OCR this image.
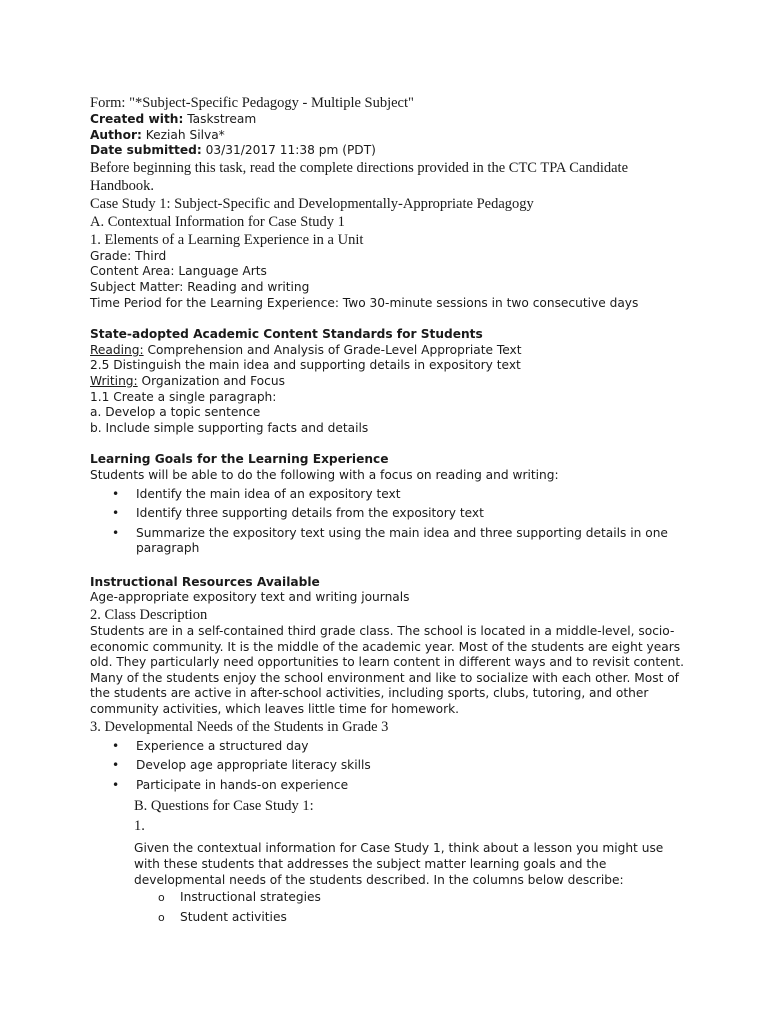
Form: "*Subject-Specific Pedagogy - Multiple Subject"
Created with: Taskstream
Author: Keziah Silva*
Date submitted: 03/31/2017 11:38 pm (PDT)
Before beginning this task, read the complete directions provided in the CTC TPA Candidate Handbook.
Case Study 1: Subject-Specific and Developmentally-Appropriate Pedagogy
A. Contextual Information for Case Study 1
1. Elements of a Learning Experience in a Unit
Grade: Third
Content Area: Language Arts
Subject Matter: Reading and writing
Time Period for the Learning Experience: Two 30-minute sessions in two consecutive days
State-adopted Academic Content Standards for Students
Reading: Comprehension and Analysis of Grade-Level Appropriate Text
2.5 Distinguish the main idea and supporting details in expository text
Writing: Organization and Focus
1.1 Create a single paragraph:
a. Develop a topic sentence
b. Include simple supporting facts and details
Learning Goals for the Learning Experience
Students will be able to do the following with a focus on reading and writing:
• Identify the main idea of an expository text
• Identify three supporting details from the expository text
• Summarize the expository text using the main idea and three supporting details in one paragraph
Instructional Resources Available
Age-appropriate expository text and writing journals
2. Class Description
Students are in a self-contained third grade class. The school is located in a middle-level, socio-economic community. It is the middle of the academic year. Most of the students are eight years old. They particularly need opportunities to learn content in different ways and to revisit content. Many of the students enjoy the school environment and like to socialize with each other. Most of the students are active in after-school activities, including sports, clubs, tutoring, and other community activities, which leaves little time for homework.
3. Developmental Needs of the Students in Grade 3
• Experience a structured day
• Develop age appropriate literacy skills
• Participate in hands-on experience
B. Questions for Case Study 1:
1.
Given the contextual information for Case Study 1, think about a lesson you might use with these students that addresses the subject matter learning goals and the developmental needs of the students described. In the columns below describe:
o Instructional strategies
o Student activities
